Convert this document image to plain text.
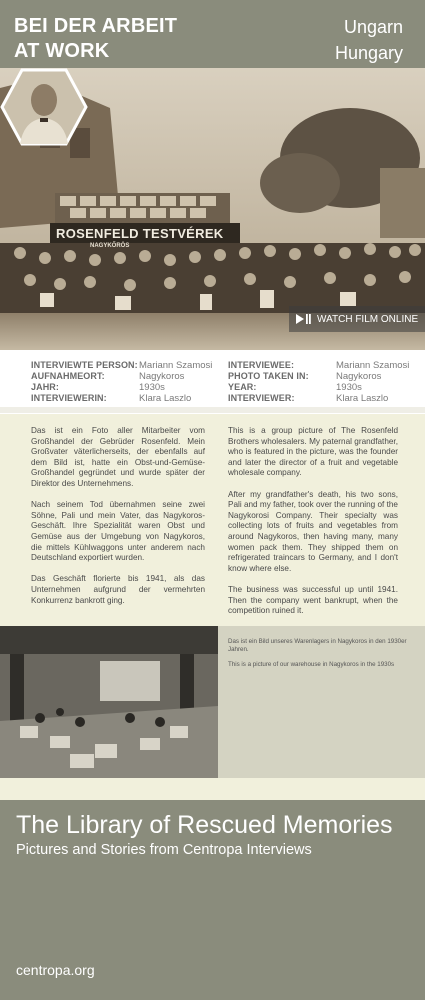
BEI DER ARBEIT
AT WORK
Ungarn
Hungary
ROSENFELD TESTVÉREK
NAGYKŐRÖS
WATCH FILM ONLINE
INTERVIEWTE PERSON:Mariann Szamosi
AUFNAHMEORT:	Nagykoros
JAHR:	1930s
INTERVIEWERIN:	Klara Laszlo
INTERVIEWEE:	Mariann Szamosi
PHOTO TAKEN IN:	Nagykoros
YEAR:	1930s
INTERVIEWER:	Klara Laszlo

Das ist ein Foto aller Mitarbeiter vom Großhandel der Gebrüder Rosenfeld. Mein Großvater väterlicherseits, der ebenfalls auf dem Bild ist, hatte ein Obst-und-Gemüse-Großhandel gegründet und wurde später der Direktor des Unternehmens.

Nach seinem Tod übernahmen seine zwei Söhne, Pali und mein Vater, das Nagykoros-Geschäft. Ihre Spezialität waren Obst und Gemüse aus der Umgebung von Nagykoros, die mittels Kühlwaggons unter anderem nach Deutschland exportiert wurden.

Das Geschäft florierte bis 1941, als das Unternehmen aufgrund der vermehrten Konkurrenz bankrott ging.

This is a group picture of The Rosenfeld Brothers wholesalers. My paternal grandfather, who is featured in the picture, was the founder and later the director of a fruit and vegetable wholesale company.

After my grandfather's death, his two sons, Pali and my father, took over the running of the Nagykorosi Company. Their specialty was collecting lots of fruits and vegetables from around Nagykoros, then having many, many women pack them. They shipped them on refrigerated traincars to Germany, and I don't know where else.

The business was successful up until 1941. Then the company went bankrupt, when the competition ruined it.

Das ist ein Bild unseres Warenlagers in Nagykoros in den 1930er Jahren.
This is a picture of our warehouse in Nagykoros in the 1930s
The Library of Rescued Memories
Pictures and Stories from Centropa Interviews
centropa.org
